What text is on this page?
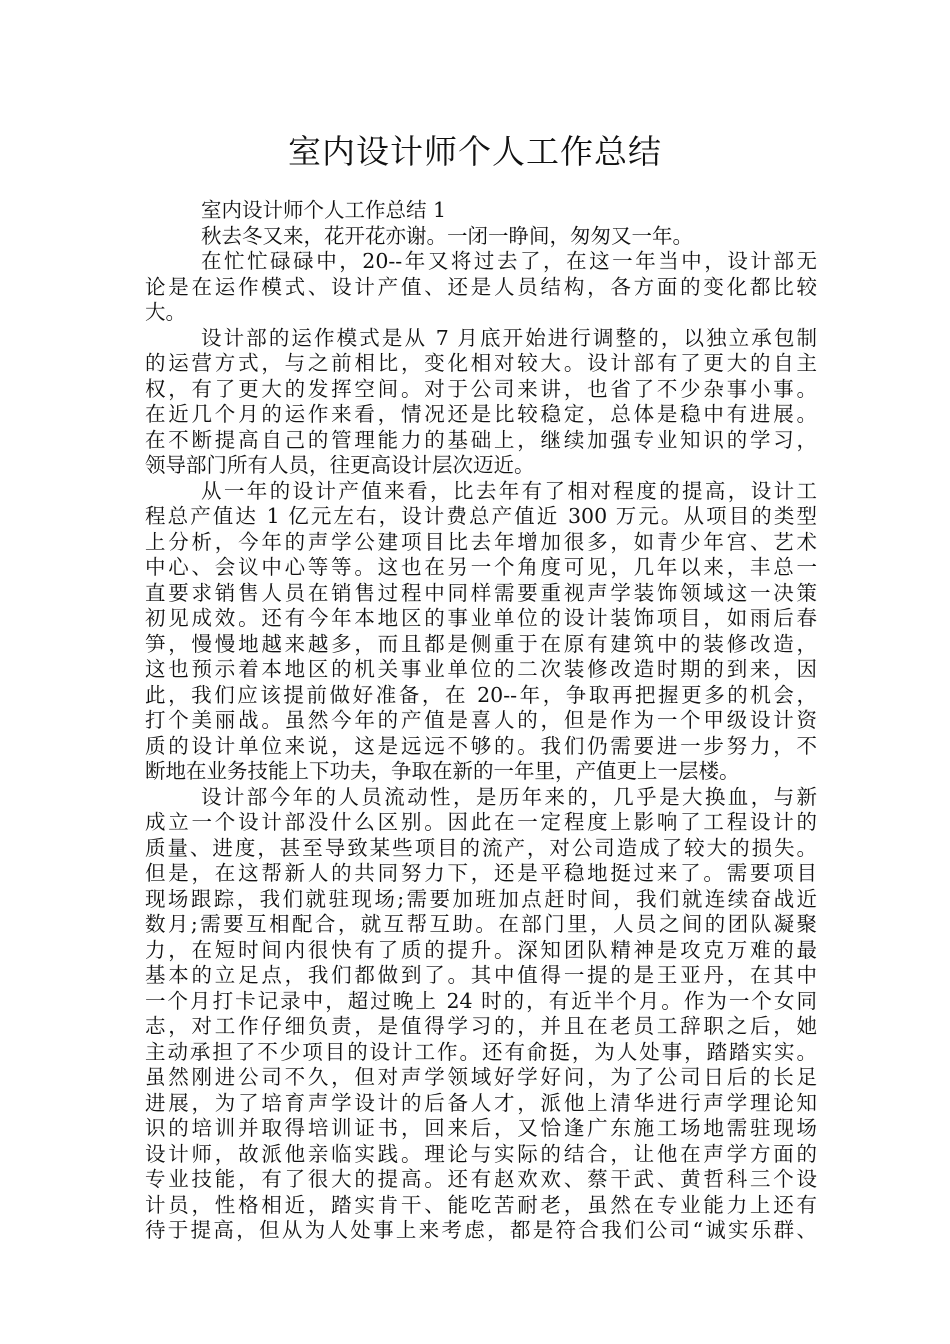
室内设计师个人工作总结
室内设计师个人工作总结 1
秋去冬又来，花开花亦谢。一闭一睁间，匆匆又一年。
在忙忙碌碌中，20--年又将过去了，在这一年当中，设计部无
论是在运作模式、设计产值、还是人员结构，各方面的变化都比较
大。
设计部的运作模式是从 7 月底开始进行调整的，以独立承包制
的运营方式，与之前相比，变化相对较大。设计部有了更大的自主
权，有了更大的发挥空间。对于公司来讲，也省了不少杂事小事。
在近几个月的运作来看，情况还是比较稳定，总体是稳中有进展。
在不断提高自己的管理能力的基础上，继续加强专业知识的学习，
领导部门所有人员，往更高设计层次迈近。
从一年的设计产值来看，比去年有了相对程度的提高，设计工
程总产值达 1 亿元左右，设计费总产值近 300 万元。从项目的类型
上分析，今年的声学公建项目比去年增加很多，如青少年宫、艺术
中心、会议中心等等。这也在另一个角度可见，几年以来，丰总一
直要求销售人员在销售过程中同样需要重视声学装饰领域这一决策
初见成效。还有今年本地区的事业单位的设计装饰项目，如雨后春
笋，慢慢地越来越多，而且都是侧重于在原有建筑中的装修改造，
这也预示着本地区的机关事业单位的二次装修改造时期的到来，因
此，我们应该提前做好准备，在 20--年，争取再把握更多的机会，
打个美丽战。虽然今年的产值是喜人的，但是作为一个甲级设计资
质的设计单位来说，这是远远不够的。我们仍需要进一步努力，不
断地在业务技能上下功夫，争取在新的一年里，产值更上一层楼。
设计部今年的人员流动性，是历年来的，几乎是大换血，与新
成立一个设计部没什么区别。因此在一定程度上影响了工程设计的
质量、进度，甚至导致某些项目的流产，对公司造成了较大的损失。
但是，在这帮新人的共同努力下，还是平稳地挺过来了。需要项目
现场跟踪，我们就驻现场;需要加班加点赶时间，我们就连续奋战近
数月;需要互相配合，就互帮互助。在部门里，人员之间的团队凝聚
力，在短时间内很快有了质的提升。深知团队精神是攻克万难的最
基本的立足点，我们都做到了。其中值得一提的是王亚丹，在其中
一个月打卡记录中，超过晚上 24 时的，有近半个月。作为一个女同
志，对工作仔细负责，是值得学习的，并且在老员工辞职之后，她
主动承担了不少项目的设计工作。还有俞挺，为人处事，踏踏实实。
虽然刚进公司不久，但对声学领域好学好问，为了公司日后的长足
进展，为了培育声学设计的后备人才，派他上清华进行声学理论知
识的培训并取得培训证书，回来后，又恰逢广东施工场地需驻现场
设计师，故派他亲临实践。理论与实际的结合，让他在声学方面的
专业技能，有了很大的提高。还有赵欢欢、蔡干武、黄哲科三个设
计员，性格相近，踏实肯干、能吃苦耐老，虽然在专业能力上还有
待于提高，但从为人处事上来考虑，都是符合我们公司“诚实乐群、
